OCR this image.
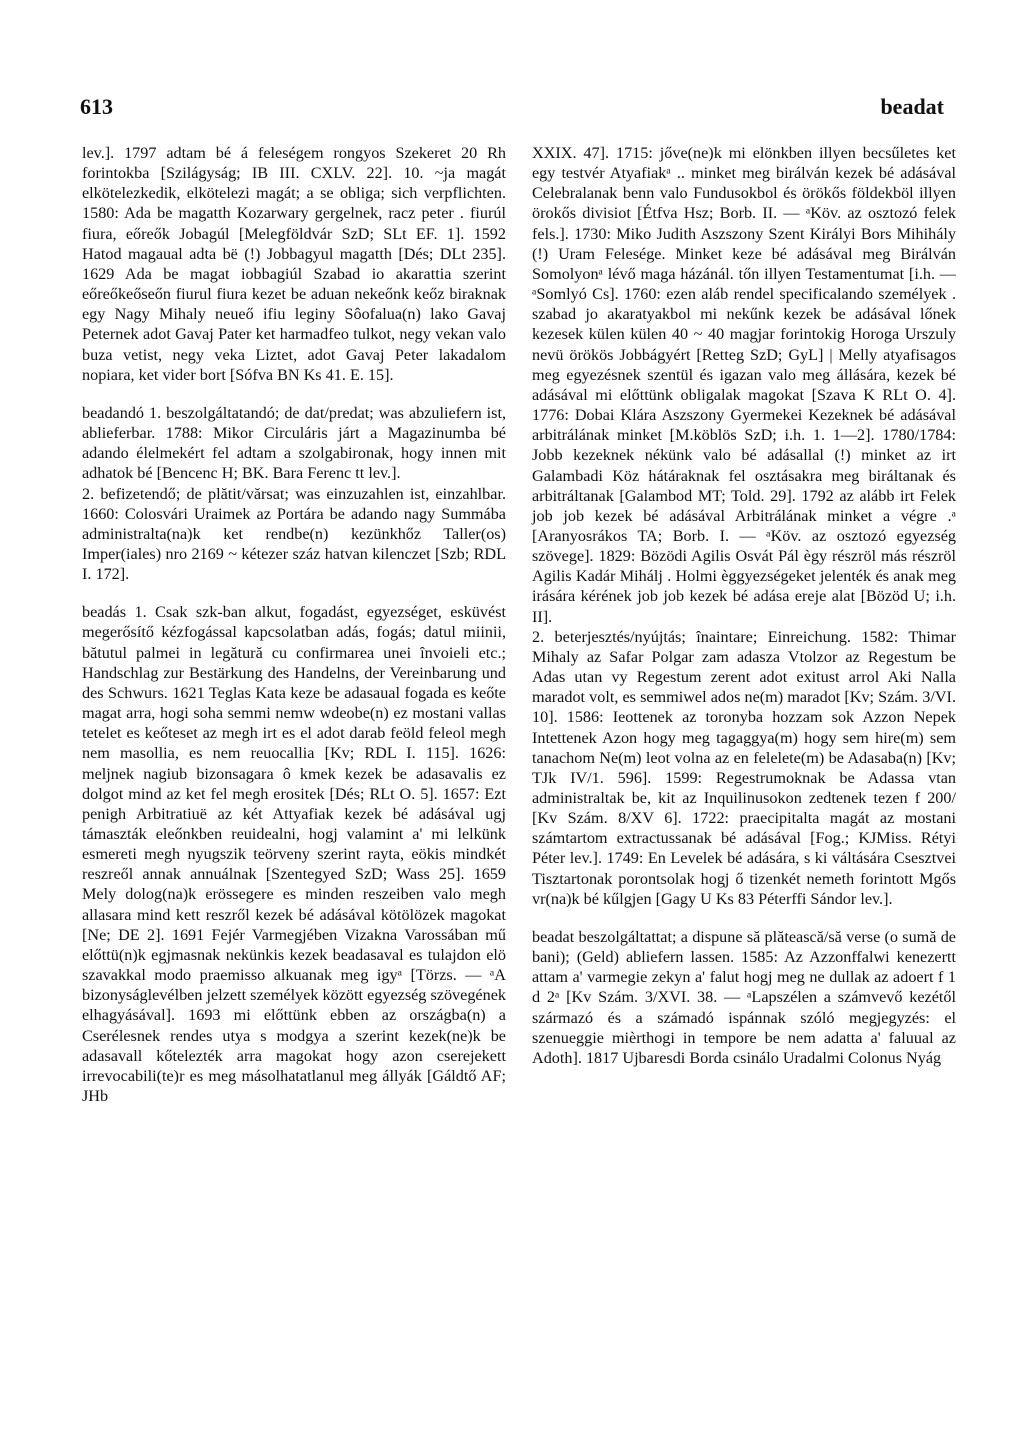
613	beadat

lev.]. 1797 adtam bé á feleségem rongyos Szekeret 20 Rh forintokba [Szilágyság; IB III. CXLV. 22]. 10. ~ja magát elkötelezkedik, elkötelezi magát; a se obliga; sich verpflichten. 1580: Ada be magatth Kozarwary gergelnek, racz peter . fiurúl fiura, eőreők Jobagúl [Melegföldvár SzD; SLt EF. 1]. 1592 Hatod magaual adta bë (!) Jobbagyul magatth [Dés; DLt 235]. 1629 Ada be magat iobbagiúl Szabad io akarattia szerint eőreőkeőseőn fiurul fiura kezet be aduan nekeőnk keőz biraknak egy Nagy Mihaly neueő ifiu leginy Sôofalua(n) lako Gavaj Peternek adot Gavaj Pater ket harmadfeo tulkot, negy vekan valo buza vetist, negy veka Liztet, adot Gavaj Peter lakadalom nopiara, ket vider bort [Sófva BN Ks 41. E. 15].

beadandó 1. beszolgáltatandó; de dat/predat; was abzuliefern ist, ablieferbar. 1788: Mikor Circuláris járt a Magazinumba bé adando élelmekért fel adtam a szolgabironak, hogy innen mit adhatok bé [Bencenc H; BK. Bara Ferenc tt lev.].

2. befizetendő; de plătit/vărsat; was einzuzahlen ist, einzahlbar. 1660: Colosvári Uraimek az Portára be adando nagy Summába administralta(na)k ket rendbe(n) kezünkhőz Taller(os) Imper(iales) nro 2169 ~ kétezer száz hatvan kilenczet [Szb; RDL I. 172].

beadás 1. Csak szk-ban alkut, fogadást, egyezséget, esküvést megerősítő kézfogással kapcsolatban adás, fogás; datul miinii, bătutul palmei in legătură cu confirmarea unei învoieli etc.; Handschlag zur Bestärkung des Handelns, der Vereinbarung und des Schwurs. 1621 Teglas Kata keze be adasaual fogada es keőte magat arra, hogi soha semmi nemw wdeobe(n) ez mostani vallas tetelet es keőteset az megh irt es el adot darab feöld feleol megh nem masollia, es nem reuocallia [Kv; RDL I. 115]. 1626: meljnek nagiub bizonsagara ô kmek kezek be adasavalis ez dolgot mind az ket fel megh erositek [Dés; RLt O. 5]. 1657: Ezt penigh Arbitratiuë az két Attyafiak kezek bé adásával ugj támaszták eleőnkben reuidealni, hogj valamint a' mi lelkünk esmereti megh nyugszik teörveny szerint rayta, eökis mindkét reszreől annak annuálnak [Szentegyed SzD; Wass 25]. 1659 Mely dolog(na)k erössegere es minden reszeiben valo megh allasara mind kett reszről kezek bé adásával kötölözek magokat [Ne; DE 2]. 1691 Fejér Varmegjében Vizakna Varossában mű előttü(n)k egjmasnak nekünkis kezek beadasaval es tulajdon elö szavakkal modo praemisso alkuanak meg igyᵃ [Törzs. — ᵃA bizonyságlevélben jelzett személyek között egyezség szövegének elhagyásával]. 1693 mi előttünk ebben az országba(n) a Cserélesnek rendes utya s modgya a szerint kezek(ne)k be adasavall kőtelezték arra magokat hogy azon cserejekett irrevocabili(te)r es meg másolhatatlanul meg állyák [Gáldtő AF; JHb

XXIX. 47]. 1715: jőve(ne)k mi elönkben illyen becsűletes ket egy testvér Atyafiakᵃ .. minket meg birálván kezek bé adásával Celebralanak benn valo Fundusokbol és örökős földekböl illyen örokős divisiot [Étfva Hsz; Borb. II. — ᵃKöv. az osztozó felek fels.]. 1730: Miko Judith Aszszony Szent Királyi Bors Mihihály (!) Uram Felesége. Minket keze bé adásával meg Birálván Somolyonᵃ lévő maga házánál. tőn illyen Testamentumat [i.h. — ᵃSomlyó Cs]. 1760: ezen aláb rendel specificalando személyek . szabad jo akaratyakbol mi nekűnk kezek be adásával lőnek kezesek külen külen 40 ~ 40 magjar forintokig Horoga Urszuly nevü örökös Jobbágyért [Retteg SzD; GyL] | Melly atyafisagos meg egyezésnek szentül és igazan valo meg állására, kezek bé adásával mi előttünk obligalak magokat [Szava K RLt O. 4]. 1776: Dobai Klára Aszszony Gyermekei Kezeknek bé adásával arbitrálának minket [M.köblös SzD; i.h. 1. 1—2]. 1780/1784: Jobb kezeknek nékünk valo bé adásallal (!) minket az irt Galambadi Köz hátáraknak fel osztásakra meg biráltanak és arbitráltanak [Galambod MT; Told. 29]. 1792 az alább irt Felek job job kezek bé adásával Arbitrálának minket a végre .ᵃ [Aranyosrákos TA; Borb. I. — ᵃKöv. az osztozó egyezség szövege]. 1829: Bözödi Agilis Osvát Pál ègy részröl más részröl Agilis Kadár Mihálj . Holmi èggyezségeket jelenték és anak meg irására kérének job job kezek bé adása ereje alat [Bözöd U; i.h. II].

2. beterjesztés/nyújtás; înaintare; Einreichung. 1582: Thimar Mihaly az Safar Polgar zam adasza Vtolzor az Regestum be Adas utan vy Regestum zerent adot exitust arrol Aki Nalla maradot volt, es semmiwel ados ne(m) maradot [Kv; Szám. 3/VI. 10]. 1586: Ieottenek az toronyba hozzam sok Azzon Nepek Intettenek Azon hogy meg tagaggya(m) hogy sem hire(m) sem tanachom Ne(m) leot volna az en felelete(m) be Adasaba(n) [Kv; TJk IV/1. 596]. 1599: Regestrumoknak be Adassa vtan administraltak be, kit az Inquilinusokon zedtenek tezen f 200/ [Kv Szám. 8/XV 6]. 1722: praecipitalta magát az mostani számtartom extractussanak bé adásával [Fog.; KJMiss. Rétyi Péter lev.]. 1749: En Levelek bé adására, s ki váltására Csesztvei Tisztartonak porontsolak hogj ő tizenkét nemeth forintott Mgős vr(na)k bé kűlgjen [Gagy U Ks 83 Péterffi Sándor lev.].

beadat beszolgáltattat; a dispune să plătească/să verse (o sumă de bani); (Geld) abliefern lassen. 1585: Az Azzonffalwi kenezertt attam a' varmegie zekyn a' falut hogj meg ne dullak az adoert f 1 d 2ᵃ [Kv Szám. 3/XVI. 38. — ᵃLapszélen a számvevő kezétől származó és a számadó ispánnak szóló megjegyzés: el szenueggie mièrthogi in tempore be nem adatta a' faluual az Adoth]. 1817 Ujbaresdi Borda csinálo Uradalmi Colonus Nyág
